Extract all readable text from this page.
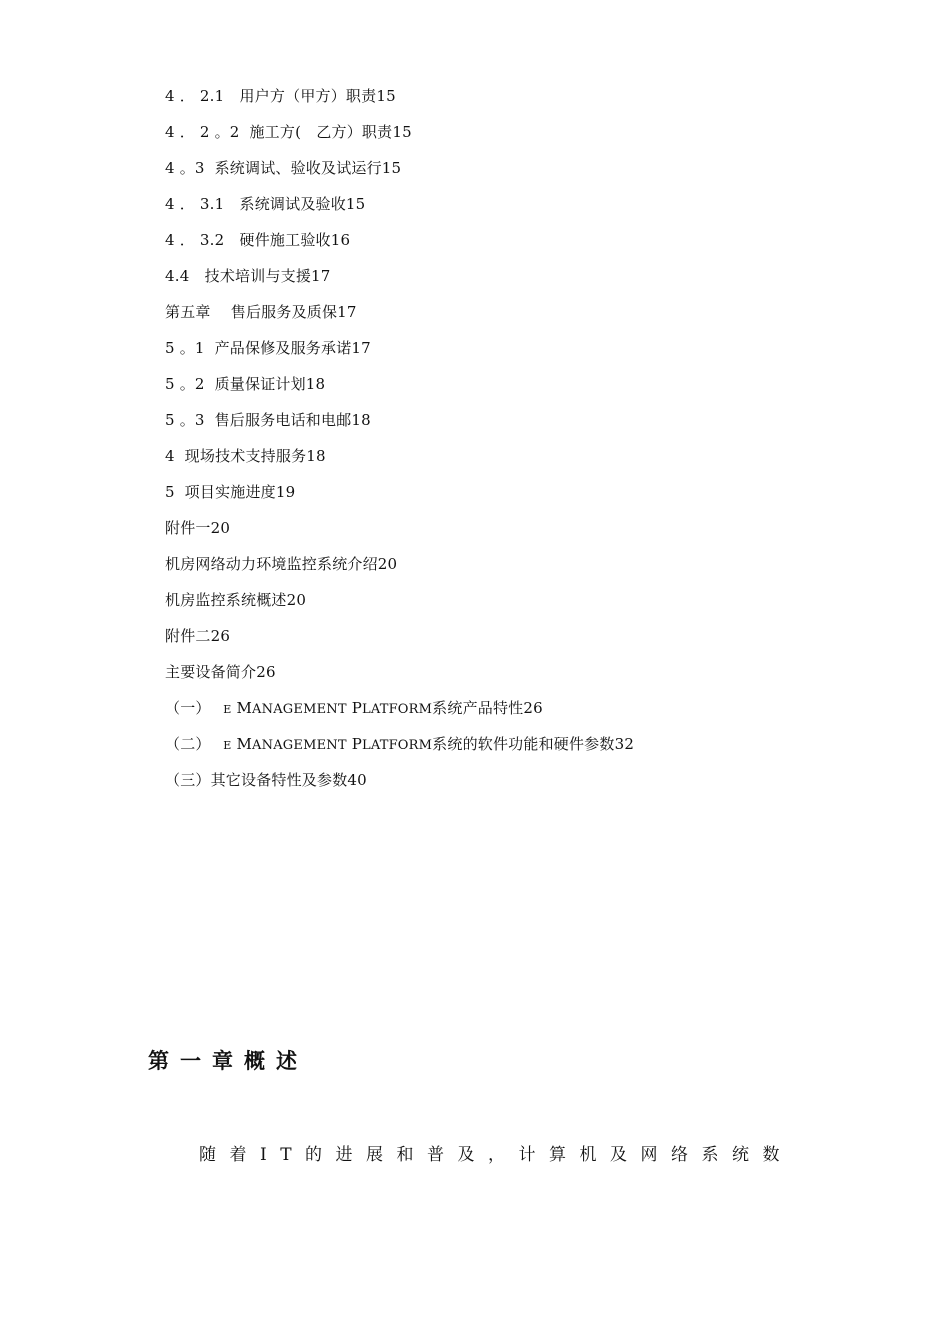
4 ． 2.1　用户方（甲方）职责15
4 ． 2 。2  施工方(　乙方）职责15
4 。3  系统调试、验收及试运行15
4 ． 3.1　系统调试及验收15
4 ． 3.2　硬件施工验收16
4.4　技术培训与支援17
第五章　 售后服务及质保17
5 。1  产品保修及服务承诺17
5 。2  质量保证计划18
5 。3  售后服务电话和电邮18
4  现场技术支持服务18
5  项目实施进度19
附件一20
机房网络动力环境监控系统介绍20
机房监控系统概述20
附件二26
主要设备简介26
（一）　 E MANAGEMENT PLATFORM系统产品特性26
（二）　 E MANAGEMENT PLATFORM系统的软件功能和硬件参数32
（三）其它设备特性及参数40
第一章概述

随着IT的进展和普及，计算机及网络系统数
